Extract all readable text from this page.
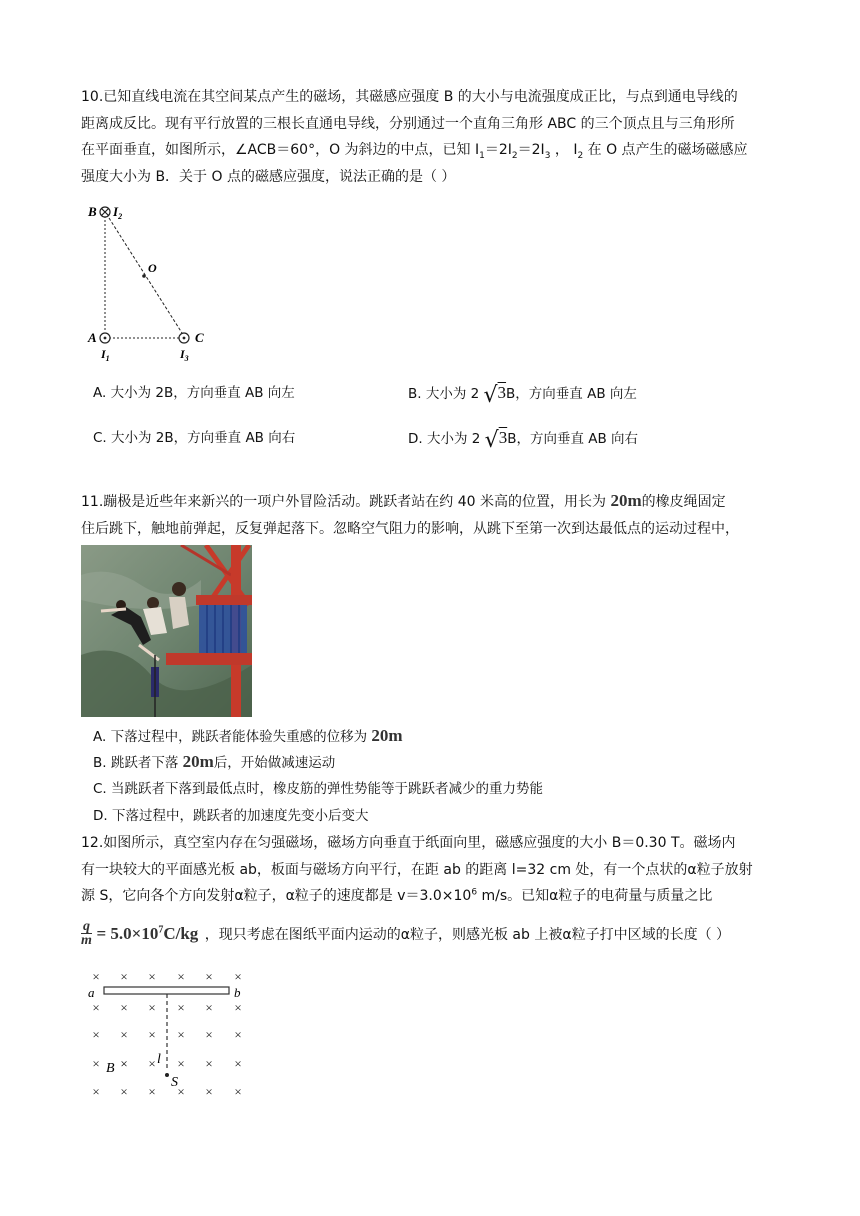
10.已知直线电流在其空间某点产生的磁场，其磁感应强度 B 的大小与电流强度成正比，与点到通电导线的
距离成反比。现有平行放置的三根长直通电导线，分别通过一个直角三角形 ABC 的三个顶点且与三角形所
在平面垂直，如图所示，∠ACB＝60°，O 为斜边的中点，已知 $I_1=2I_2=2I_3$ ， $I_2$ 在 O 点产生的磁场磁感应
强度大小为 B．关于 O 点的磁感应强度，说法正确的是（ ）

B $I_2$
O
A	C
$I_1$	$I_3$
A. 大小为 2B，方向垂直 AB 向左	B. 大小为 2 √3B，方向垂直 AB 向左
C. 大小为 2B，方向垂直 AB 向右	D. 大小为 2 √3B，方向垂直 AB 向右

11.蹦极是近些年来新兴的一项户外冒险活动。跳跃者站在约 40 米高的位置，用长为 20m的橡皮绳固定
住后跳下，触地前弹起，反复弹起落下。忽略空气阻力的影响，从跳下至第一次到达最低点的运动过程中，

A. 下落过程中，跳跃者能体验失重感的位移为 20m
B. 跳跃者下落 20m后，开始做减速运动
C. 当跳跃者下落到最低点时，橡皮筋的弹性势能等于跳跃者减少的重力势能
D. 下落过程中，跳跃者的加速度先变小后变大

12.如图所示，真空室内存在匀强磁场，磁场方向垂直于纸面向里，磁感应强度的大小 B＝0.30 T。磁场内
有一块较大的平面感光板 ab，板面与磁场方向平行，在距 ab 的距离 l=32 cm 处，有一个点状的α粒子放射
源 S，它向各个方向发射α粒子，α粒子的速度都是 $v=3.0\times 10^6$ m/s。已知α粒子的电荷量与质量之比

$\frac{q}{m} = 5.0\times 10^7C/kg$ ，现只考虑在图纸平面内运动的α粒子，则感光板 ab 上被α粒子打中区域的长度（ ）
× × × × × ×
× × × × × ×
× × × × × ×
×	× × × ×
× × × × × ×
×
a	b
l
B
S
